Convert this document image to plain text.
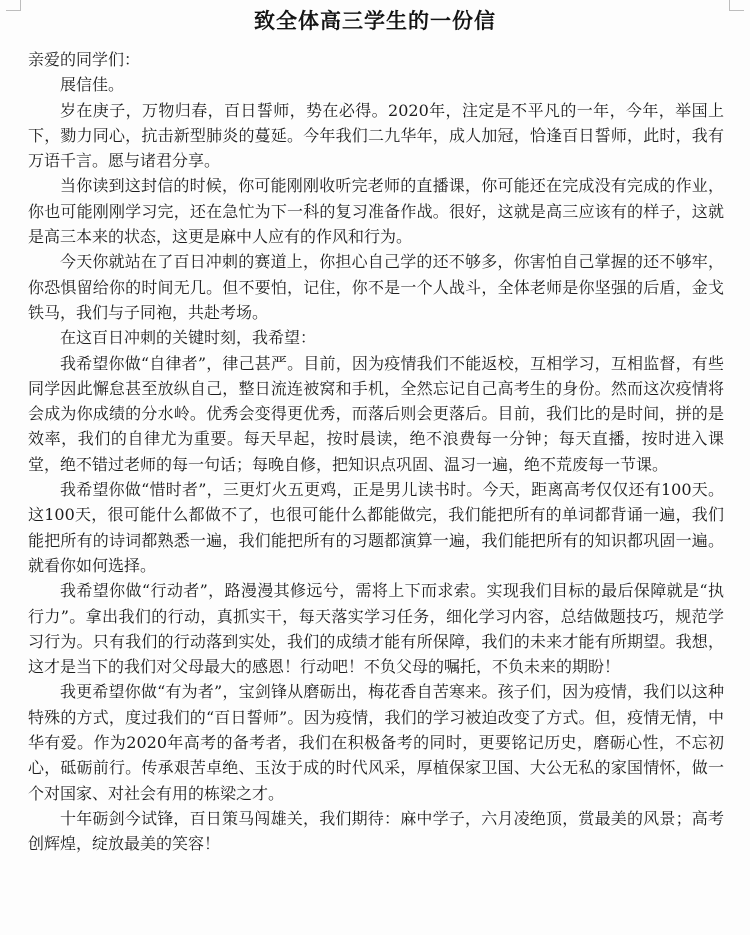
致全体高三学生的一份信

亲爱的同学们：

展信佳。

岁在庚子，万物归春，百日誓师，势在必得。2020年，注定是不平凡的一年，今年，举国上下，勠力同心，抗击新型肺炎的蔓延。今年我们二九华年，成人加冠，恰逢百日誓师，此时，我有万语千言。愿与诸君分享。

当你读到这封信的时候，你可能刚刚收听完老师的直播课，你可能还在完成没有完成的作业，你也可能刚刚学习完，还在急忙为下一科的复习准备作战。很好，这就是高三应该有的样子，这就是高三本来的状态，这更是麻中人应有的作风和行为。

今天你就站在了百日冲刺的赛道上，你担心自己学的还不够多，你害怕自己掌握的还不够牢，你恐惧留给你的时间无几。但不要怕，记住，你不是一个人战斗，全体老师是你坚强的后盾，金戈铁马，我们与子同袍，共赴考场。

在这百日冲刺的关键时刻，我希望：

我希望你做“自律者”，律己甚严。目前，因为疫情我们不能返校，互相学习，互相监督，有些同学因此懈怠甚至放纵自己，整日流连被窝和手机，全然忘记自己高考生的身份。然而这次疫情将会成为你成绩的分水岭。优秀会变得更优秀，而落后则会更落后。目前，我们比的是时间，拼的是效率，我们的自律尤为重要。每天早起，按时晨读，绝不浪费每一分钟；每天直播，按时进入课堂，绝不错过老师的每一句话；每晚自修，把知识点巩固、温习一遍，绝不荒废每一节课。

我希望你做“惜时者”，三更灯火五更鸡，正是男儿读书时。今天，距离高考仅仅还有100天。这100天，很可能什么都做不了，也很可能什么都能做完，我们能把所有的单词都背诵一遍，我们能把所有的诗词都熟悉一遍，我们能把所有的习题都演算一遍，我们能把所有的知识都巩固一遍。就看你如何选择。

我希望你做“行动者”，路漫漫其修远兮，需将上下而求索。实现我们目标的最后保障就是“执行力”。拿出我们的行动，真抓实干，每天落实学习任务，细化学习内容，总结做题技巧，规范学习行为。只有我们的行动落到实处，我们的成绩才能有所保障，我们的未来才能有所期望。我想，这才是当下的我们对父母最大的感恩！行动吧！不负父母的嘱托，不负未来的期盼！

我更希望你做“有为者”，宝剑锋从磨砺出，梅花香自苦寒来。孩子们，因为疫情，我们以这种特殊的方式，度过我们的“百日誓师”。因为疫情，我们的学习被迫改变了方式。但，疫情无情，中华有爱。作为2020年高考的备考者，我们在积极备考的同时，更要铭记历史，磨砺心性，不忘初心，砥砺前行。传承艰苦卓绝、玉汝于成的时代风采，厚植保家卫国、大公无私的家国情怀，做一个对国家、对社会有用的栋梁之才。

十年砺剑今试锋，百日策马闯雄关，我们期待：麻中学子，六月凌绝顶，赏最美的风景；高考创辉煌，绽放最美的笑容！
